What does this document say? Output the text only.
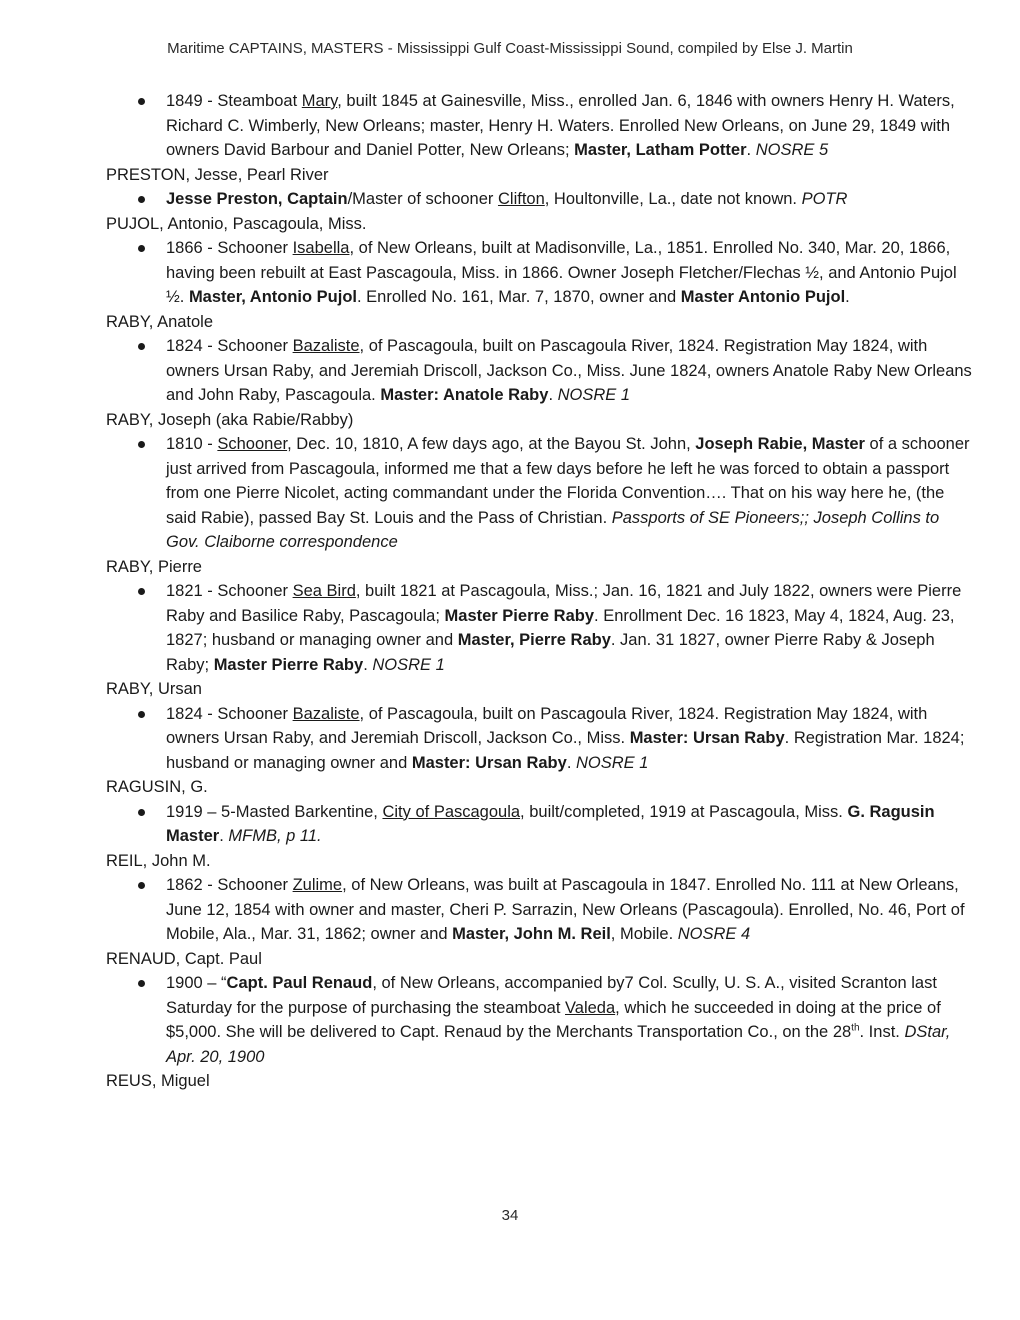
Maritime CAPTAINS, MASTERS - Mississippi Gulf Coast-Mississippi Sound, compiled by Else J. Martin
1849 - Steamboat Mary, built 1845 at Gainesville, Miss., enrolled Jan. 6, 1846 with owners Henry H. Waters, Richard C. Wimberly, New Orleans; master, Henry H. Waters. Enrolled New Orleans, on June 29, 1849 with owners David Barbour and Daniel Potter, New Orleans; Master, Latham Potter. NOSRE 5
PRESTON, Jesse, Pearl River
Jesse Preston, Captain/Master of schooner Clifton, Houltonville, La., date not known. POTR
PUJOL, Antonio, Pascagoula, Miss.
1866 - Schooner Isabella, of New Orleans, built at Madisonville, La., 1851. Enrolled No. 340, Mar. 20, 1866, having been rebuilt at East Pascagoula, Miss. in 1866. Owner Joseph Fletcher/Flechas ½, and Antonio Pujol ½. Master, Antonio Pujol. Enrolled No. 161, Mar. 7, 1870, owner and Master Antonio Pujol.
RABY, Anatole
1824 - Schooner Bazaliste, of Pascagoula, built on Pascagoula River, 1824. Registration May 1824, with owners Ursan Raby, and Jeremiah Driscoll, Jackson Co., Miss. June 1824, owners Anatole Raby New Orleans and John Raby, Pascagoula. Master: Anatole Raby. NOSRE 1
RABY, Joseph (aka Rabie/Rabby)
1810 - Schooner, Dec. 10, 1810, A few days ago, at the Bayou St. John, Joseph Rabie, Master of a schooner just arrived from Pascagoula, informed me that a few days before he left he was forced to obtain a passport from one Pierre Nicolet, acting commandant under the Florida Convention…. That on his way here he, (the said Rabie), passed Bay St. Louis and the Pass of Christian. Passports of SE Pioneers;; Joseph Collins to Gov. Claiborne correspondence
RABY, Pierre
1821 - Schooner Sea Bird, built 1821 at Pascagoula, Miss.; Jan. 16, 1821 and July 1822, owners were Pierre Raby and Basilice Raby, Pascagoula; Master Pierre Raby. Enrollment Dec. 16 1823, May 4, 1824, Aug. 23, 1827; husband or managing owner and Master, Pierre Raby. Jan. 31 1827, owner Pierre Raby & Joseph Raby; Master Pierre Raby. NOSRE 1
RABY, Ursan
1824 - Schooner Bazaliste, of Pascagoula, built on Pascagoula River, 1824. Registration May 1824, with owners Ursan Raby, and Jeremiah Driscoll, Jackson Co., Miss. Master: Ursan Raby. Registration Mar. 1824; husband or managing owner and Master: Ursan Raby. NOSRE 1
RAGUSIN, G.
1919 – 5-Masted Barkentine, City of Pascagoula, built/completed, 1919 at Pascagoula, Miss. G. Ragusin Master. MFMB, p 11.
REIL, John M.
1862 - Schooner Zulime, of New Orleans, was built at Pascagoula in 1847. Enrolled No. 111 at New Orleans, June 12, 1854 with owner and master, Cheri P. Sarrazin, New Orleans (Pascagoula). Enrolled, No. 46, Port of Mobile, Ala., Mar. 31, 1862; owner and Master, John M. Reil, Mobile. NOSRE 4
RENAUD, Capt. Paul
1900 – “Capt. Paul Renaud, of New Orleans, accompanied by7 Col. Scully, U. S. A., visited Scranton last Saturday for the purpose of purchasing the steamboat Valeda, which he succeeded in doing at the price of $5,000. She will be delivered to Capt. Renaud by the Merchants Transportation Co., on the 28th. Inst. DStar, Apr. 20, 1900
REUS, Miguel
34
